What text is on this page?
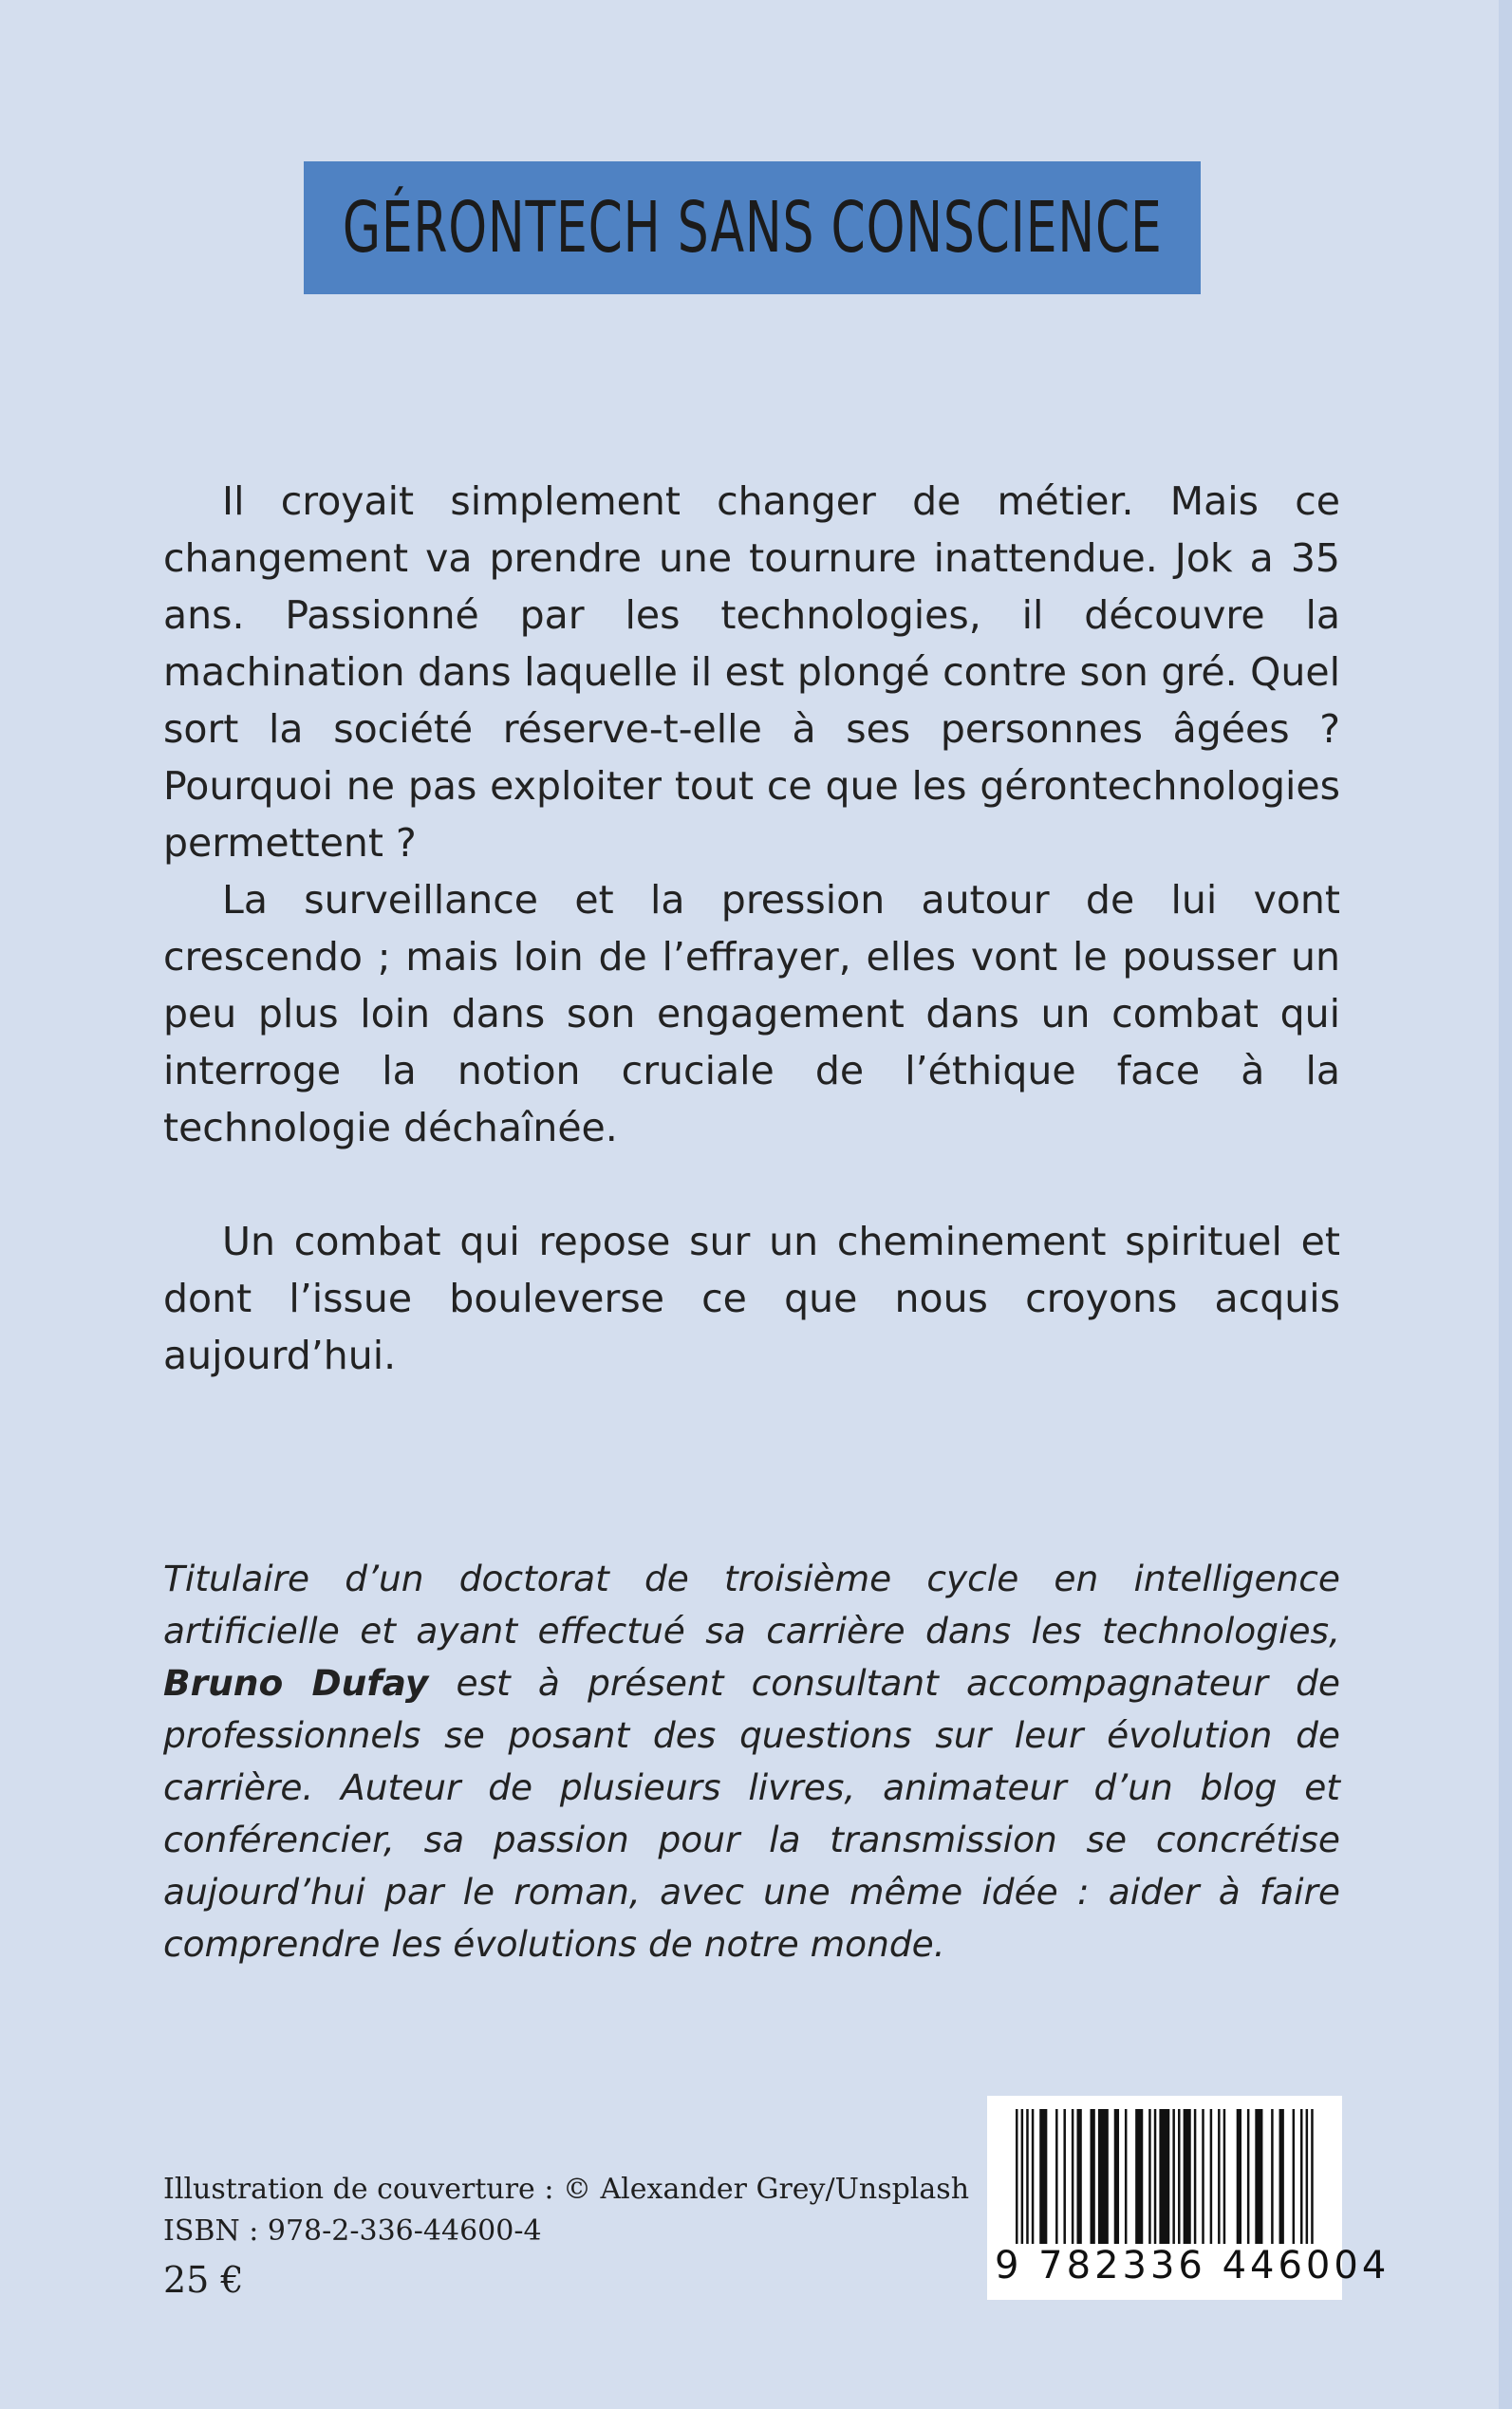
GÉRONTECH SANS CONSCIENCE

Il croyait simplement changer de métier. Mais ce changement va prendre une tournure inattendue. Jok a 35 ans. Passionné par les technologies, il découvre la machination dans laquelle il est plongé contre son gré. Quel sort la société réserve-t-elle à ses personnes âgées ? Pourquoi ne pas exploiter tout ce que les gérontechnologies permettent ?

La surveillance et la pression autour de lui vont crescendo ; mais loin de l’effrayer, elles vont le pousser un peu plus loin dans son engagement dans un combat qui interroge la notion cruciale de l’éthique face à la technologie déchaînée.

Un combat qui repose sur un cheminement spirituel et dont l’issue bouleverse ce que nous croyons acquis aujourd’hui.

Titulaire d’un doctorat de troisième cycle en intelligence artificielle et ayant effectué sa carrière dans les technologies, Bruno Dufay est à présent consultant accompagnateur de professionnels se posant des questions sur leur évolution de carrière. Auteur de plusieurs livres, animateur d’un blog et conférencier, sa passion pour la transmission se concrétise aujourd’hui par le roman, avec une même idée : aider à faire comprendre les évolutions de notre monde.

Illustration de couverture : © Alexander Grey/Unsplash
ISBN : 978-2-336-44600-4
25 €	9 782336 446004
